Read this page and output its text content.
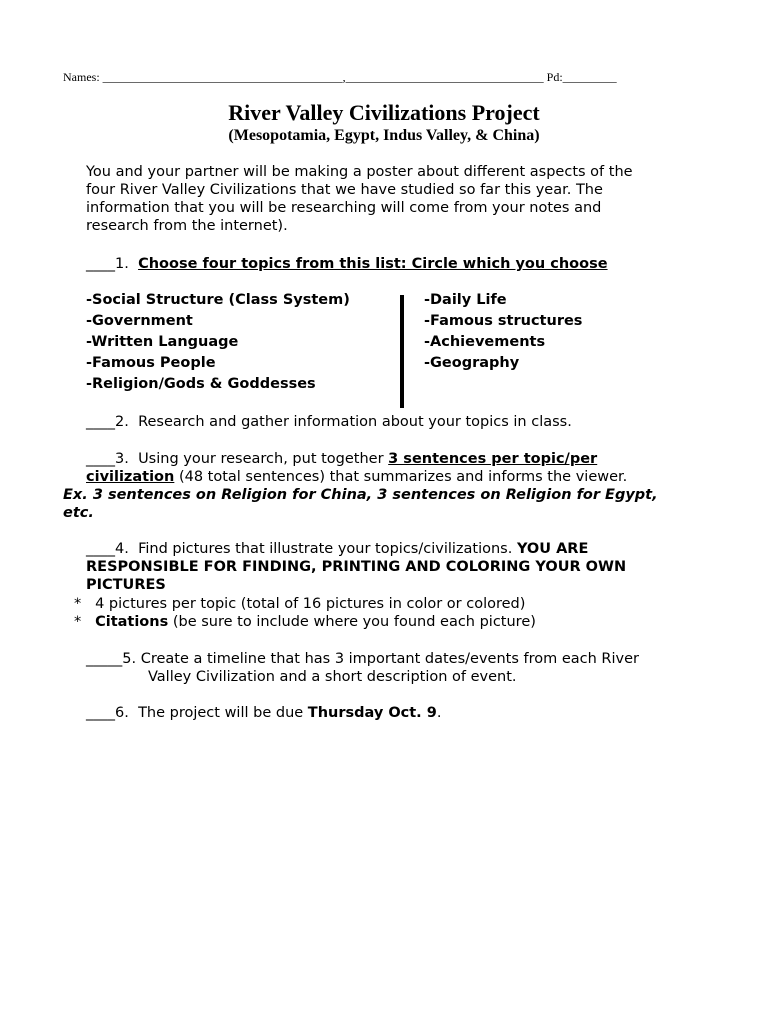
Names: ________________________________________,_________________________________ Pd:_________
River Valley Civilizations Project
(Mesopotamia, Egypt, Indus Valley, & China)
You and your partner will be making a poster about different aspects of the
four River Valley Civilizations that we have studied so far this year. The
information that you will be researching will come from your notes and
research from the internet).
____1. Choose four topics from this list: Circle which you choose
-Social Structure (Class System)
-Government
-Written Language
-Famous People
-Religion/Gods & Goddesses
-Daily Life
-Famous structures
-Achievements
-Geography
____2. Research and gather information about your topics in class.
____3. Using your research, put together 3 sentences per topic/per
civilization (48 total sentences) that summarizes and informs the viewer.
Ex. 3 sentences on Religion for China, 3 sentences on Religion for Egypt,
etc.
____4. Find pictures that illustrate your topics/civilizations. YOU ARE
RESPONSIBLE FOR FINDING, PRINTING AND COLORING YOUR OWN
PICTURES
* 4 pictures per topic (total of 16 pictures in color or colored)
* Citations (be sure to include where you found each picture)
_____5. Create a timeline that has 3 important dates/events from each River
Valley Civilization and a short description of event.
____6. The project will be due Thursday Oct. 9.
